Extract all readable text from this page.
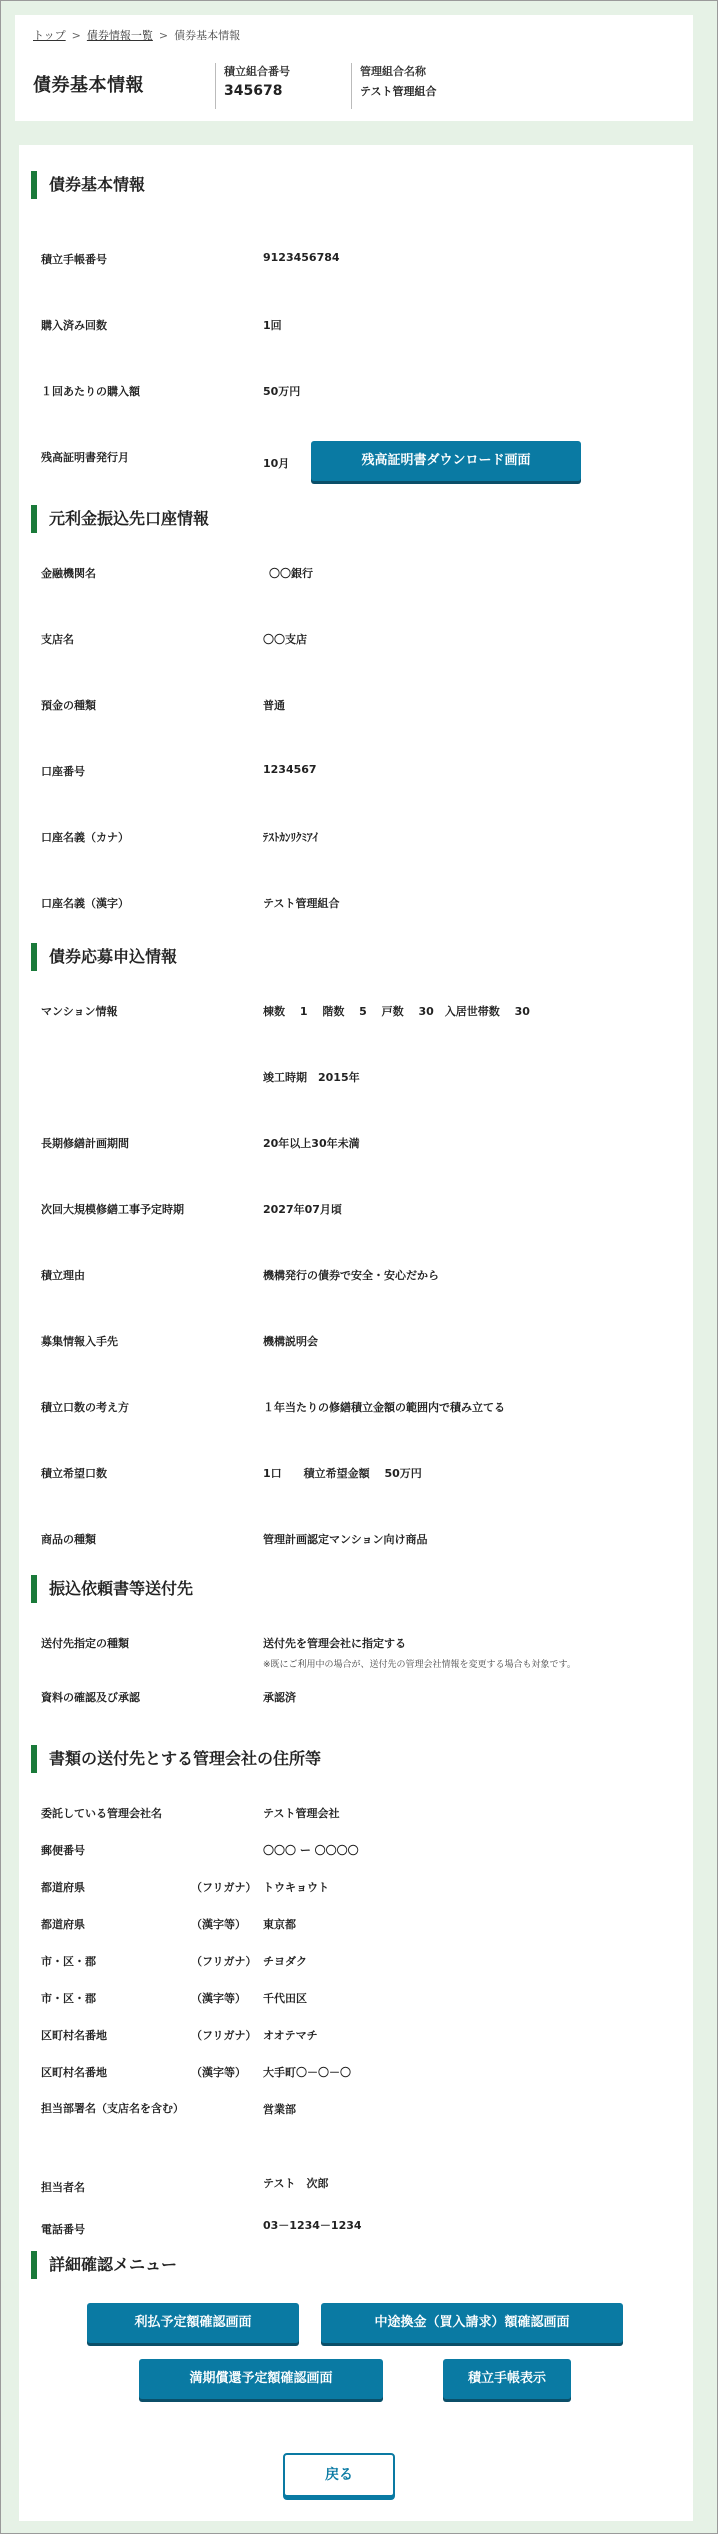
トップ > 債券情報一覧 > 債券基本情報
債券基本情報
積立組合番号
345678
管理組合名称
テスト管理組合
債券基本情報
積立手帳番号	9123456784
購入済み回数	1回
１回あたりの購入額	50万円
残高証明書発行月	10月	残高証明書ダウンロード画面
元利金振込先口座情報
金融機関名	〇〇銀行
支店名	〇〇支店
預金の種類	普通
口座番号	1234567
口座名義（カナ）	ﾃｽﾄｶﾝﾘｸﾐｱｲ
口座名義（漢字）	テスト管理組合
債券応募申込情報
マンション情報	棟数　 1　 階数　 5　 戸数　 30　入居世帯数　 30
竣工時期　2015年
長期修繕計画期間	20年以上30年未満
次回大規模修繕工事予定時期	2027年07月頃
積立理由	機構発行の債券で安全・安心だから
募集情報入手先	機構説明会
積立口数の考え方	１年当たりの修繕積立金額の範囲内で積み立てる
積立希望口数	1口　　積立希望金額　 50万円
商品の種類	管理計画認定マンション向け商品
振込依頼書等送付先
送付先指定の種類	送付先を管理会社に指定する
※既にご利用中の場合が、送付先の管理会社情報を変更する場合も対象です。
資料の確認及び承認	承認済
書類の送付先とする管理会社の住所等
委託している管理会社名	テスト管理会社
郵便番号	〇〇〇 ー 〇〇〇〇
都道府県	（フリガナ） トウキョウト
都道府県	（漢字等） 東京都
市・区・郡	（フリガナ） チヨダク
市・区・郡	（漢字等） 千代田区
区町村名番地	（フリガナ） オオテマチ
区町村名番地	（漢字等） 大手町〇－〇－〇
担当部署名（支店名を含む）	営業部
担当者名	テスト　次郎
電話番号	03－1234－1234
詳細確認メニュー
利払予定額確認画面	中途換金（買入請求）額確認画面
満期償還予定額確認画面	積立手帳表示
戻る
